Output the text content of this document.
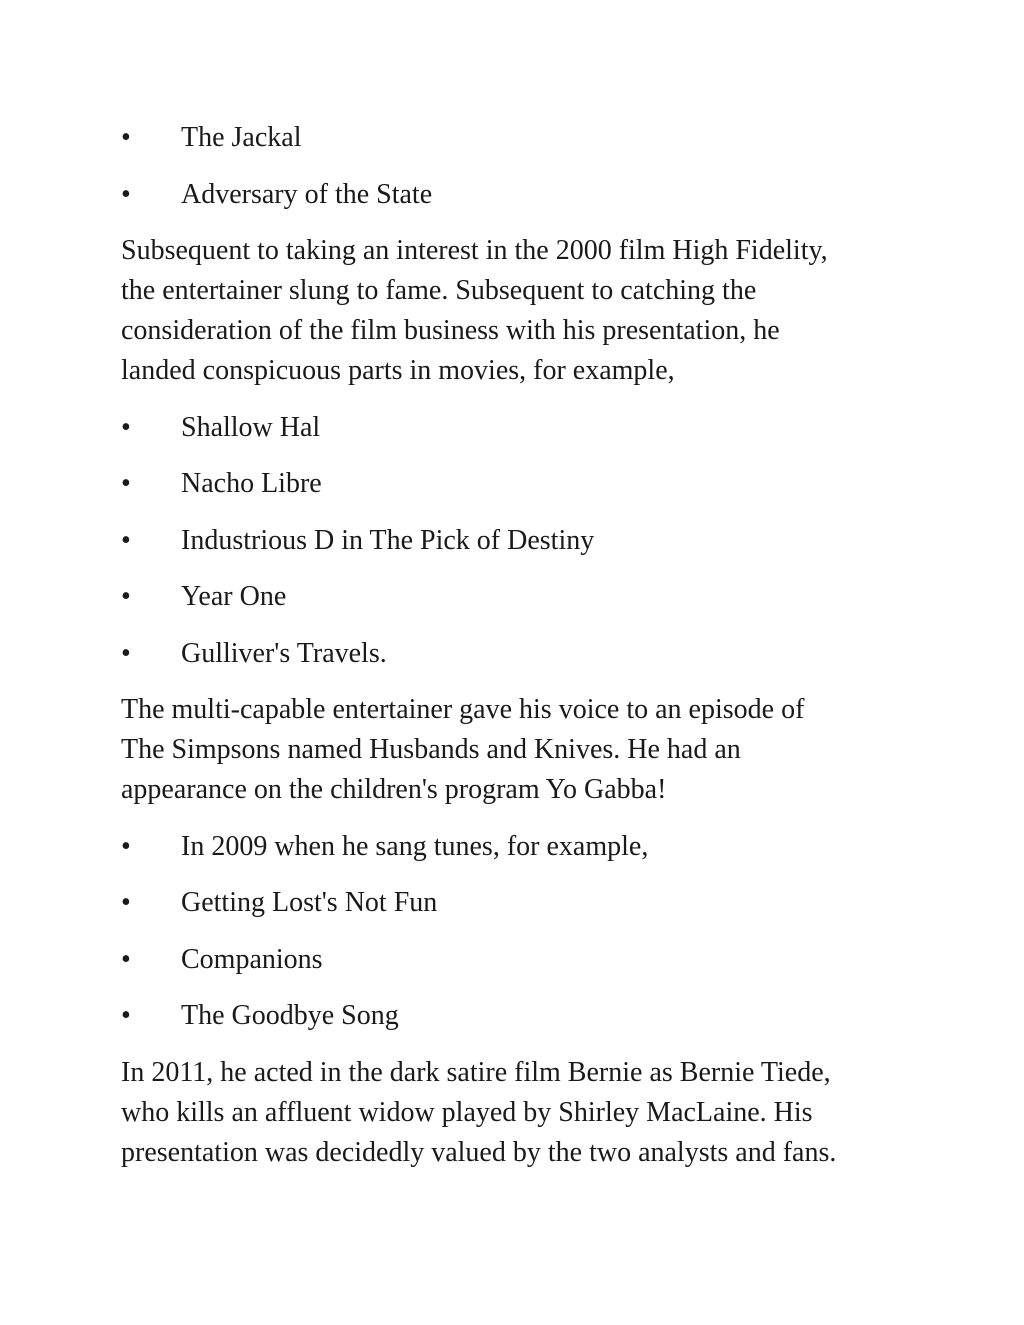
•	The Jackal
•	Adversary of the State

Subsequent to taking an interest in the 2000 film High Fidelity,
the entertainer slung to fame. Subsequent to catching the
consideration of the film business with his presentation, he
landed conspicuous parts in movies, for example,

•	Shallow Hal
•	Nacho Libre
•	Industrious D in The Pick of Destiny
•	Year One
•	Gulliver's Travels.

The multi-capable entertainer gave his voice to an episode of
The Simpsons named Husbands and Knives. He had an
appearance on the children's program Yo Gabba!

•	In 2009 when he sang tunes, for example,
•	Getting Lost's Not Fun
•	Companions
•	The Goodbye Song

In 2011, he acted in the dark satire film Bernie as Bernie Tiede,
who kills an affluent widow played by Shirley MacLaine. His
presentation was decidedly valued by the two analysts and fans.
